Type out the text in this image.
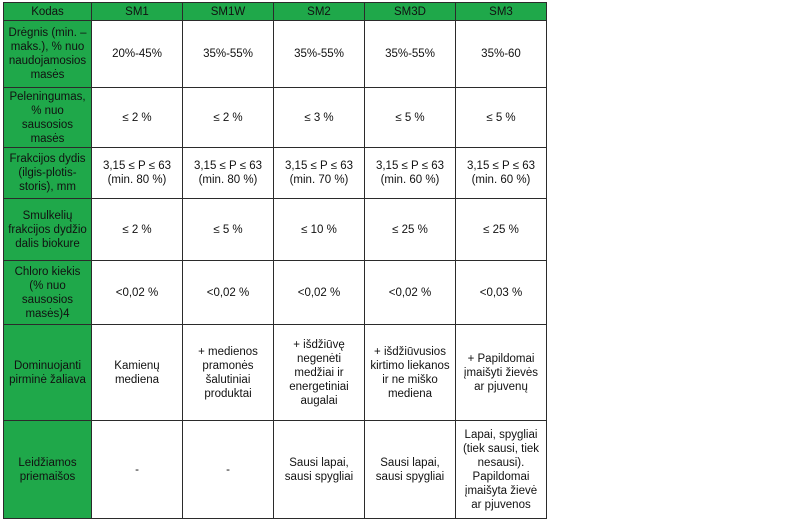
Kodas	SM1	SM1W	SM2	SM3D	SM3
Drėgnis (min. – maks.), % nuo naudojamosios masės	20%-45%	35%-55%	35%-55%	35%-55%	35%-60
Peleningumas, % nuo sausosios masės	≤ 2 %	≤ 2 %	≤ 3 %	≤ 5 %	≤ 5 %
Frakcijos dydis (ilgis-plotis-storis), mm	3,15 ≤ P ≤ 63 (min. 80 %)	3,15 ≤ P ≤ 63 (min. 80 %)	3,15 ≤ P ≤ 63 (min. 70 %)	3,15 ≤ P ≤ 63 (min. 60 %)	3,15 ≤ P ≤ 63 (min. 60 %)
Smulkelių frakcijos dydžio dalis biokure	≤ 2 %	≤ 5 %	≤ 10 %	≤ 25 %	≤ 25 %
Chloro kiekis (% nuo sausosios masės)4	<0,02 %	<0,02 %	<0,02 %	<0,02 %	<0,03 %
Dominuojanti pirminė žaliava	Kamienų mediena	+ medienos pramonės šalutiniai produktai	+ išdžiūvę negenėti medžiai ir energetiniai augalai	+ išdžiūvusios kirtimo liekanos ir ne miško mediena	+ Papildomai įmaišyti žievės ar pjuvenų
Leidžiamos priemaišos	-	-	Sausi lapai, sausi spygliai	Sausi lapai, sausi spygliai	Lapai, spygliai (tiek sausi, tiek nesausi). Papildomai įmaišyta žievė ar pjuvenos
